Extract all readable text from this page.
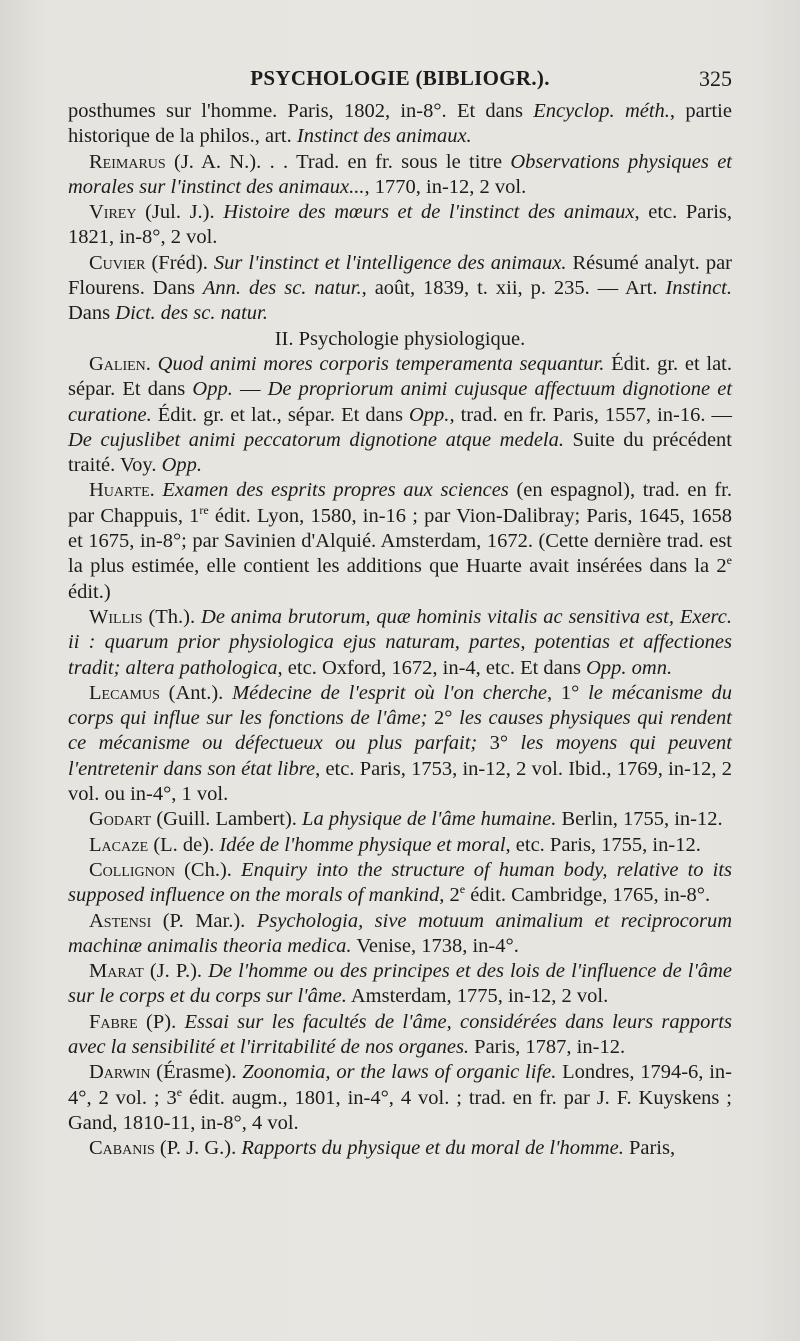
PSYCHOLOGIE (BIBLIOGR.).	325

posthumes sur l'homme. Paris, 1802, in-8°. Et dans Encyclop. méth., partie historique de la philos., art. Instinct des animaux.

Reimarus (J. A. N.). . . Trad. en fr. sous le titre Observations physiques et morales sur l'instinct des animaux..., 1770, in-12, 2 vol.

Virey (Jul. J.). Histoire des mœurs et de l'instinct des animaux, etc. Paris, 1821, in-8°, 2 vol.

Cuvier (Fréd). Sur l'instinct et l'intelligence des animaux. Résumé analyt. par Flourens. Dans Ann. des sc. natur., août, 1839, t. xii, p. 235. — Art. Instinct. Dans Dict. des sc. natur.

II. Psychologie physiologique.

Galien. Quod animi mores corporis temperamenta sequantur. Édit. gr. et lat. sépar. Et dans Opp. — De propriorum animi cujusque affectuum dignotione et curatione. Édit. gr. et lat., sépar. Et dans Opp., trad. en fr. Paris, 1557, in-16. — De cujuslibet animi peccatorum dignotione atque medela. Suite du précédent traité. Voy. Opp.

Huarte. Examen des esprits propres aux sciences (en espagnol), trad. en fr. par Chappuis, 1re édit. Lyon, 1580, in-16 ; par Vion-Dalibray; Paris, 1645, 1658 et 1675, in-8°; par Savinien d'Alquié. Amsterdam, 1672. (Cette dernière trad. est la plus estimée, elle contient les additions que Huarte avait insérées dans la 2e édit.)

Willis (Th.). De anima brutorum, quæ hominis vitalis ac sensitiva est, Exerc. ii : quarum prior physiologica ejus naturam, partes, potentias et affectiones tradit; altera pathologica, etc. Oxford, 1672, in-4, etc. Et dans Opp. omn.

Lecamus (Ant.). Médecine de l'esprit où l'on cherche, 1° le mécanisme du corps qui influe sur les fonctions de l'âme; 2° les causes physiques qui rendent ce mécanisme ou défectueux ou plus parfait; 3° les moyens qui peuvent l'entretenir dans son état libre, etc. Paris, 1753, in-12, 2 vol. Ibid., 1769, in-12, 2 vol. ou in-4°, 1 vol.

Godart (Guill. Lambert). La physique de l'âme humaine. Berlin, 1755, in-12.

Lacaze (L. de). Idée de l'homme physique et moral, etc. Paris, 1755, in-12.

Collignon (Ch.). Enquiry into the structure of human body, relative to its supposed influence on the morals of mankind, 2e édit. Cambridge, 1765, in-8°.

Astensi (P. Mar.). Psychologia, sive motuum animalium et reciprocorum machinæ animalis theoria medica. Venise, 1738, in-4°.

Marat (J. P.). De l'homme ou des principes et des lois de l'influence de l'âme sur le corps et du corps sur l'âme. Amsterdam, 1775, in-12, 2 vol.

Fabre (P). Essai sur les facultés de l'âme, considérées dans leurs rapports avec la sensibilité et l'irritabilité de nos organes. Paris, 1787, in-12.

Darwin (Érasme). Zoonomia, or the laws of organic life. Londres, 1794-6, in-4°, 2 vol. ; 3e édit. augm., 1801, in-4°, 4 vol. ; trad. en fr. par J. F. Kuyskens ; Gand, 1810-11, in-8°, 4 vol.

Cabanis (P. J. G.). Rapports du physique et du moral de l'homme. Paris,
